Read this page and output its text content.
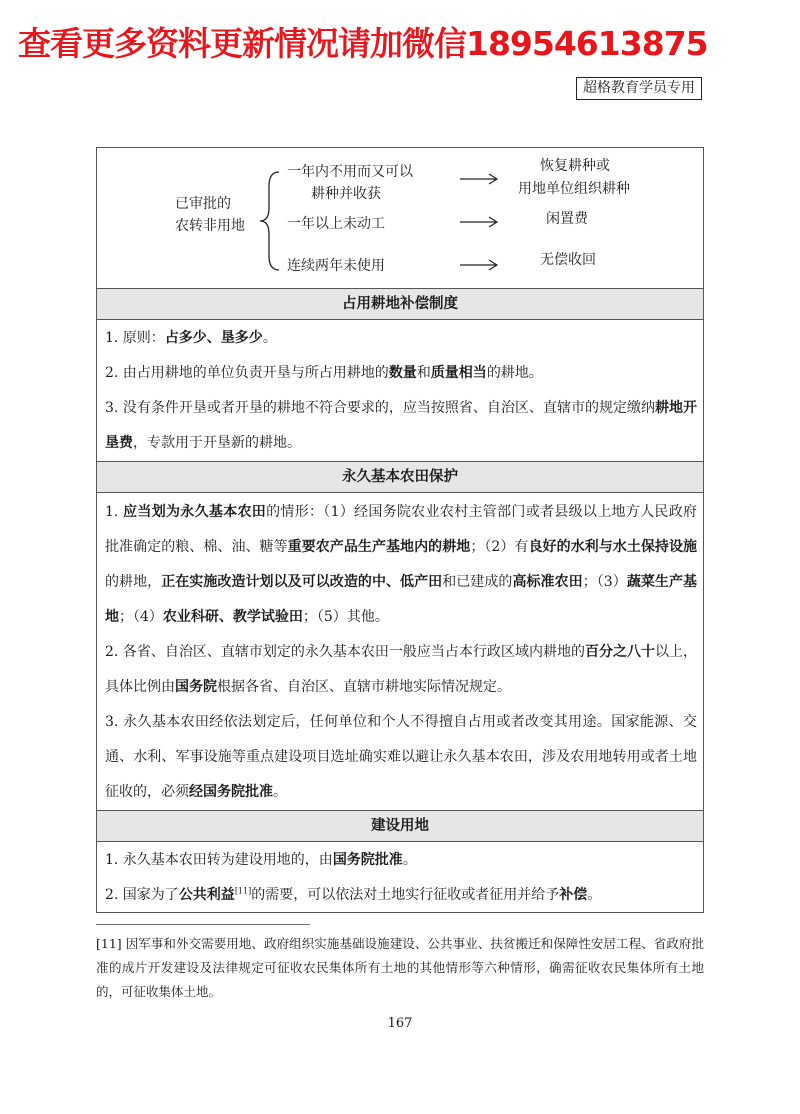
查看更多资料更新情况请加微信18954613875
超格教育学员专用
已审批的
农转非用地
一年内不用而又可以
耕种并收获
一年以上未动工
连续两年未使用
恢复耕种或
用地单位组织耕种
闲置费
无偿收回
占用耕地补偿制度
1. 原则：占多少、垦多少。
2. 由占用耕地的单位负责开垦与所占用耕地的数量和质量相当的耕地。
3. 没有条件开垦或者开垦的耕地不符合要求的，应当按照省、自治区、直辖市的规定缴纳耕地开垦费，专款用于开垦新的耕地。
永久基本农田保护
1. 应当划为永久基本农田的情形：（1）经国务院农业农村主管部门或者县级以上地方人民政府批准确定的粮、棉、油、糖等重要农产品生产基地内的耕地；（2）有良好的水利与水土保持设施的耕地，正在实施改造计划以及可以改造的中、低产田和已建成的高标准农田；（3）蔬菜生产基地；（4）农业科研、教学试验田；（5）其他。
2. 各省、自治区、直辖市划定的永久基本农田一般应当占本行政区域内耕地的百分之八十以上，具体比例由国务院根据各省、自治区、直辖市耕地实际情况规定。
3. 永久基本农田经依法划定后，任何单位和个人不得擅自占用或者改变其用途。国家能源、交通、水利、军事设施等重点建设项目选址确实难以避让永久基本农田，涉及农用地转用或者土地征收的，必须经国务院批准。
建设用地
1. 永久基本农田转为建设用地的，由国务院批准。
2. 国家为了公共利益[11]的需要，可以依法对土地实行征收或者征用并给予补偿。
[11] 因军事和外交需要用地、政府组织实施基础设施建设、公共事业、扶贫搬迁和保障性安居工程、省政府批准的成片开发建设及法律规定可征收农民集体所有土地的其他情形等六种情形，确需征收农民集体所有土地的，可征收集体土地。
167
